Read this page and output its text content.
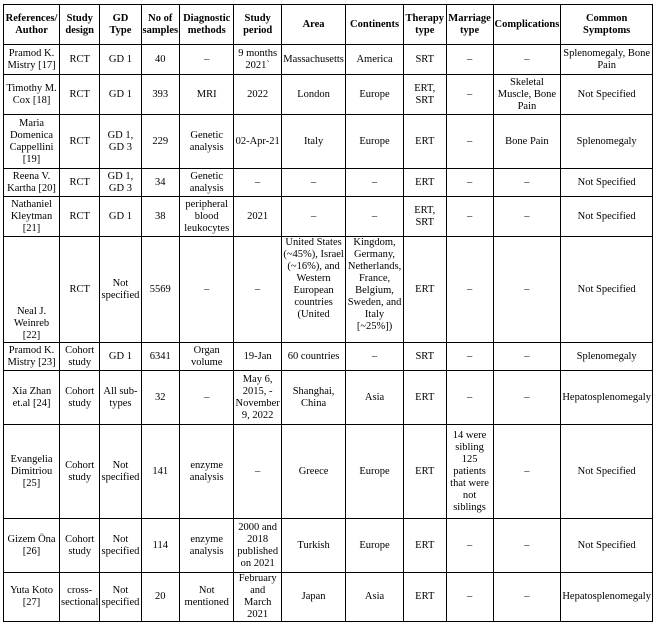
References/ Author	Study design	GD Type	No of samples	Diagnostic methods	Study period	Area	Continents	Therapy type	Marriage type	Complications	Common Symptoms
Pramod K. Mistry [17]	RCT	GD 1	40	–	9 months 2021`	Massachusetts	America	SRT	–	–	Splenomegaly, Bone Pain
Timothy M. Cox [18]	RCT	GD 1	393	MRI	2022	London	Europe	ERT, SRT	–	Skeletal Muscle, Bone Pain	Not Specified
Maria Domenica Cappellini [19]	RCT	GD 1, GD 3	229	Genetic analysis	02-Apr-21	Italy	Europe	ERT	–	Bone Pain	Splenomegaly
Reena V. Kartha [20]	RCT	GD 1, GD 3	34	Genetic analysis	–	–	–	ERT	–	–	Not Specified
Nathaniel Kleytman [21]	RCT	GD 1	38	peripheral blood leukocytes	2021	–	–	ERT, SRT	–	–	Not Specified
Neal J. Weinreb [22]	RCT	Not specified	5569	–	–	United States (~45%), Israel (~16%), and Western European countries (United	Kingdom, Germany, Netherlands, France, Belgium, Sweden, and Italy [~25%])	ERT	–	–	Not Specified
Pramod K. Mistry [23]	Cohort study	GD 1	6341	Organ volume	19-Jan	60 countries	–	SRT	–	–	Splenomegaly
Xia Zhan et.al [24]	Cohort study	All sub-types	32	–	May 6, 2015, - November 9, 2022	Shanghai, China	Asia	ERT	–	–	Hepatosplenomegaly
Evangelia Dimitriou [25]	Cohort study	Not specified	141	enzyme analysis	–	Greece	Europe	ERT	14 were sibling 125 patients that were not siblings	–	Not Specified
Gizem Öna [26]	Cohort study	Not specified	114	enzyme analysis	2000 and 2018 published on 2021	Turkish	Europe	ERT	–	–	Not Specified
Yuta Koto [27]	cross-sectional	Not specified	20	Not mentioned	February and March 2021	Japan	Asia	ERT	–	–	Hepatosplenomegaly
